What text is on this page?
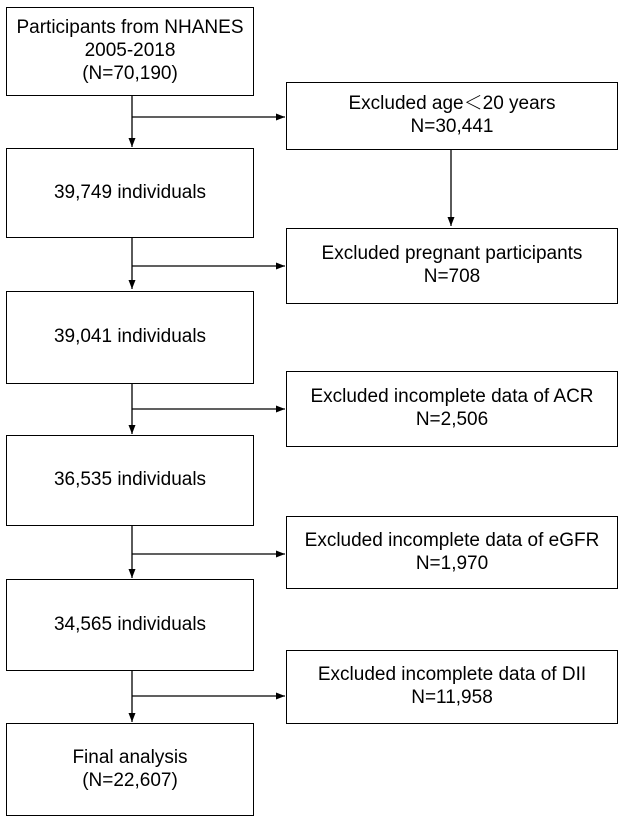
Participants from NHANES
2005-2018
(N=70,190)
39,749 individuals
39,041 individuals
36,535 individuals
34,565 individuals
Final analysis
(N=22,607)
Excluded age＜20 years
N=30,441
Excluded pregnant participants
N=708
Excluded incomplete data of ACR
N=2,506
Excluded incomplete data of eGFR
N=1,970
Excluded incomplete data of DII
N=11,958
